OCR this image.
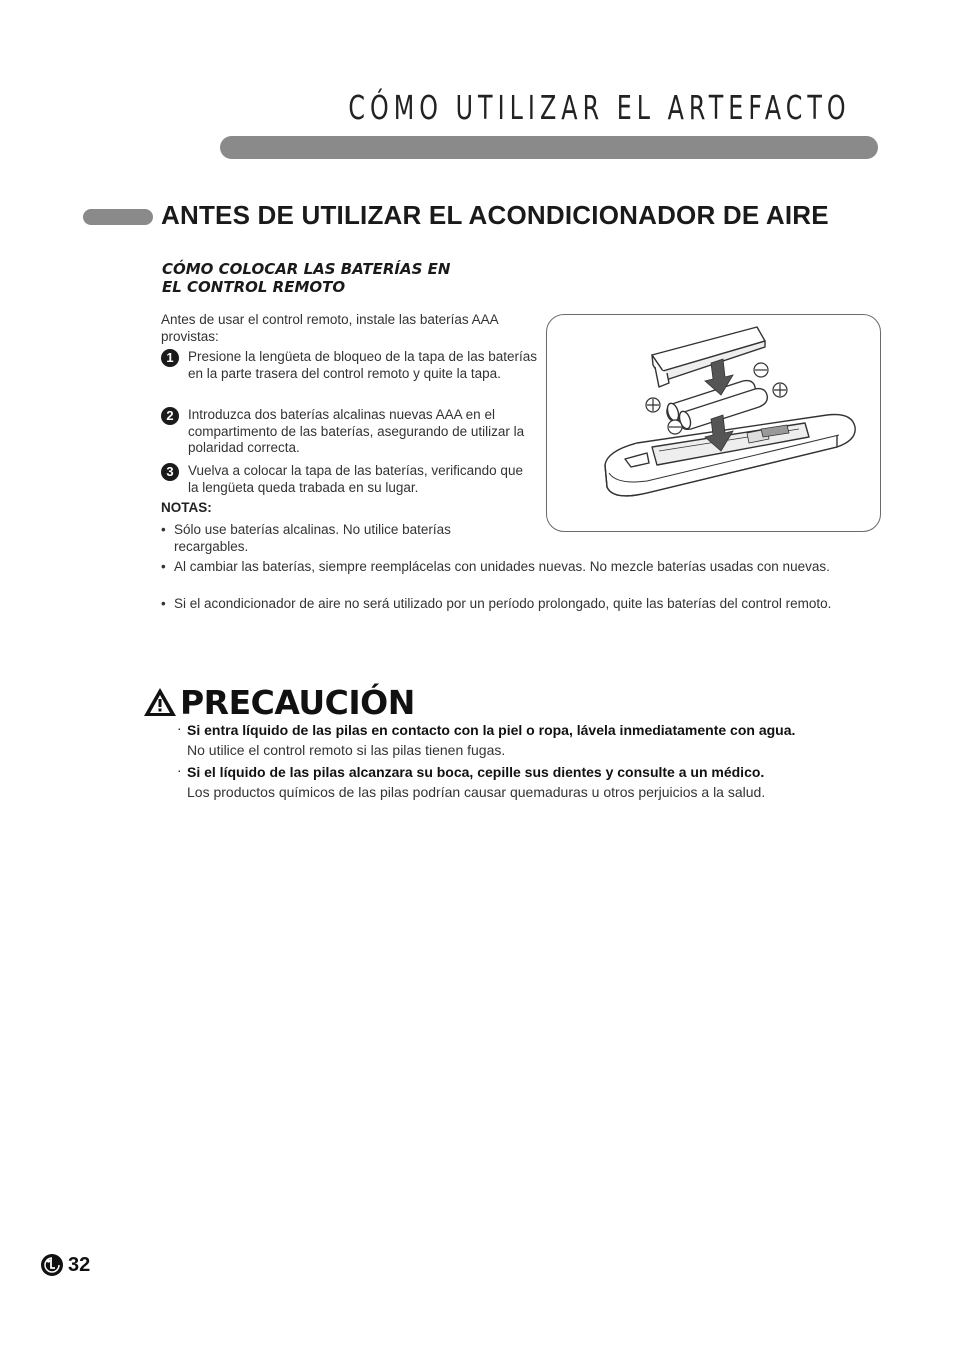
CÓMO UTILIZAR EL ARTEFACTO
ANTES DE UTILIZAR EL ACONDICIONADOR DE AIRE
CÓMO COLOCAR LAS BATERÍAS EN
EL CONTROL REMOTO
Antes de usar el control remoto, instale las baterías AAA provistas:
1	Presione la lengüeta de bloqueo de la tapa de las baterías en la parte trasera del control remoto y quite la tapa.
2	Introduzca dos baterías alcalinas nuevas AAA en el compartimento de las baterías, asegurando de utilizar la polaridad correcta.
3	Vuelva a colocar la tapa de las baterías, verificando que la lengüeta queda trabada en su lugar.
NOTAS:
• Sólo use baterías alcalinas. No utilice baterías recargables.
• Al cambiar las baterías, siempre reemplácelas con unidades nuevas. No mezcle baterías usadas con nuevas.
• Si el acondicionador de aire no será utilizado por un período prolongado, quite las baterías del control remoto.
PRECAUCIÓN
· Si entra líquido de las pilas en contacto con la piel o ropa, lávela inmediatamente con agua.
No utilice el control remoto si las pilas tienen fugas.
· Si el líquido de las pilas alcanzara su boca, cepille sus dientes y consulte a un médico.
Los productos químicos de las pilas podrían causar quemaduras u otros perjuicios a la salud.
32
